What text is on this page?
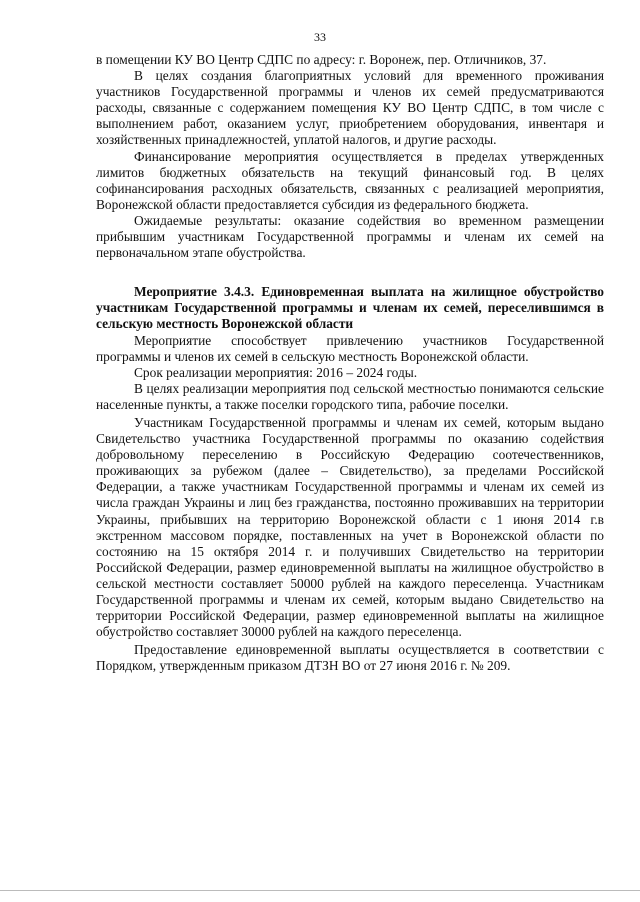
33

в помещении КУ ВО Центр СДПС по адресу: г. Воронеж, пер. Отличников, 37.

В целях создания благоприятных условий для временного проживания участников Государственной программы и членов их семей предусматриваются расходы, связанные с содержанием помещения КУ ВО Центр СДПС, в том числе с выполнением работ, оказанием услуг, приобретением оборудования, инвентаря и хозяйственных принадлежностей, уплатой налогов, и другие расходы.

Финансирование мероприятия осуществляется в пределах утвержденных лимитов бюджетных обязательств на текущий финансовый год. В целях софинансирования расходных обязательств, связанных с реализацией мероприятия, Воронежской области предоставляется субсидия из федерального бюджета.

Ожидаемые результаты: оказание содействия во временном размещении прибывшим участникам Государственной программы и членам их семей на первоначальном этапе обустройства.

Мероприятие 3.4.3. Единовременная выплата на жилищное обустройство участникам Государственной программы и членам их семей, переселившимся в сельскую местность Воронежской области

Мероприятие способствует привлечению участников Государственной программы и членов их семей в сельскую местность Воронежской области.

Срок реализации мероприятия: 2016 – 2024 годы.

В целях реализации мероприятия под сельской местностью понимаются сельские населенные пункты, а также поселки городского типа, рабочие поселки.

Участникам Государственной программы и членам их семей, которым выдано Свидетельство участника Государственной программы по оказанию содействия добровольному переселению в Российскую Федерацию соотечественников, проживающих за рубежом (далее – Свидетельство), за пределами Российской Федерации, а также участникам Государственной программы и членам их семей из числа граждан Украины и лиц без гражданства, постоянно проживавших на территории Украины, прибывших на территорию Воронежской области с 1 июня 2014 г.в экстренном массовом порядке, поставленных на учет в Воронежской области по состоянию на 15 октября 2014 г. и получивших Свидетельство на территории Российской Федерации, размер единовременной выплаты на жилищное обустройство в сельской местности составляет 50000 рублей на каждого переселенца. Участникам Государственной программы и членам их семей, которым выдано Свидетельство на территории Российской Федерации, размер единовременной выплаты на жилищное обустройство составляет 30000 рублей на каждого переселенца.

Предоставление единовременной выплаты осуществляется в соответствии с Порядком, утвержденным приказом ДТЗН ВО от 27 июня 2016 г. № 209.
